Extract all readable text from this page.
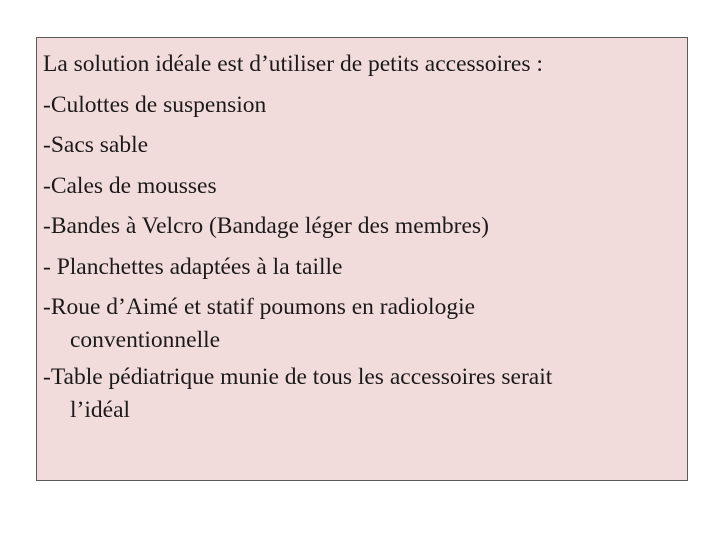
La solution idéale est d’utiliser de petits accessoires :
-Culottes de suspension
-Sacs sable
-Cales de mousses
-Bandes à Velcro (Bandage léger des membres)
- Planchettes adaptées à la taille
-Roue d’Aimé et statif poumons en radiologie
conventionnelle
-Table pédiatrique munie de tous les accessoires serait
l’idéal
